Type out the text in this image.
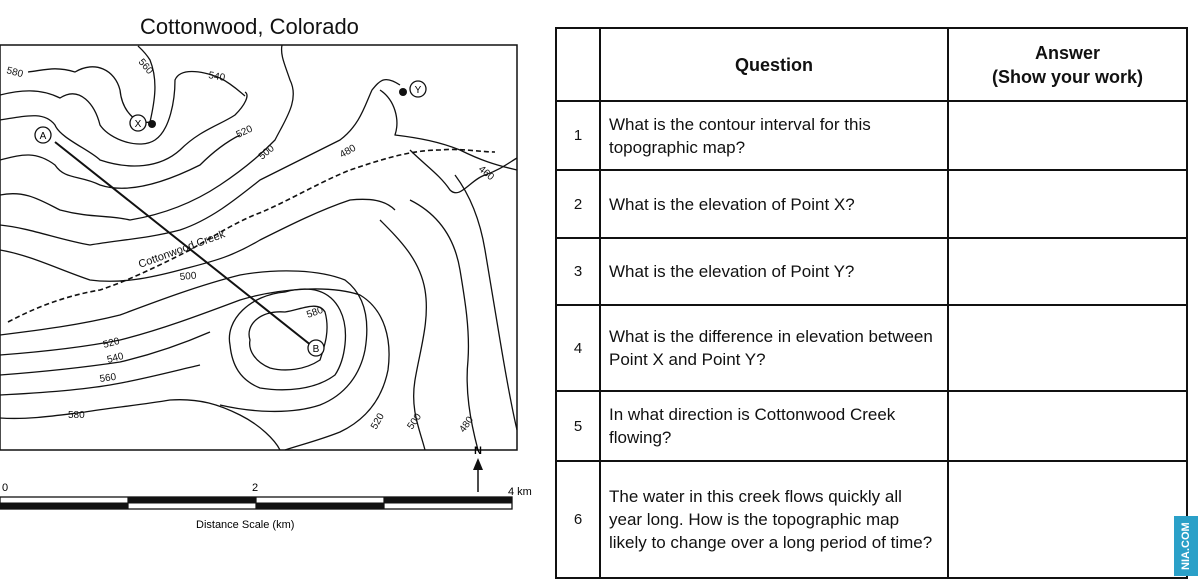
Cottonwood, Colorado
A
B
X
Y
580	560
540
520
500	480
460
Cottonwood Creek
500
580
520
540
560
580	520 500	480
N
0	2	4 km
Distance Scale (km)
	Question	Answer
(Show your work)

1	What is the contour interval for this topographic map?	
2	What is the elevation of Point X?	
3	What is the elevation of Point Y?	
4	What is the difference in elevation between Point X and Point Y?	
5	In what direction is Cottonwood Creek flowing?	
6	The water in this creek flows quickly all year long. How is the topographic map likely to change over a long period of time?		NIA.COM
